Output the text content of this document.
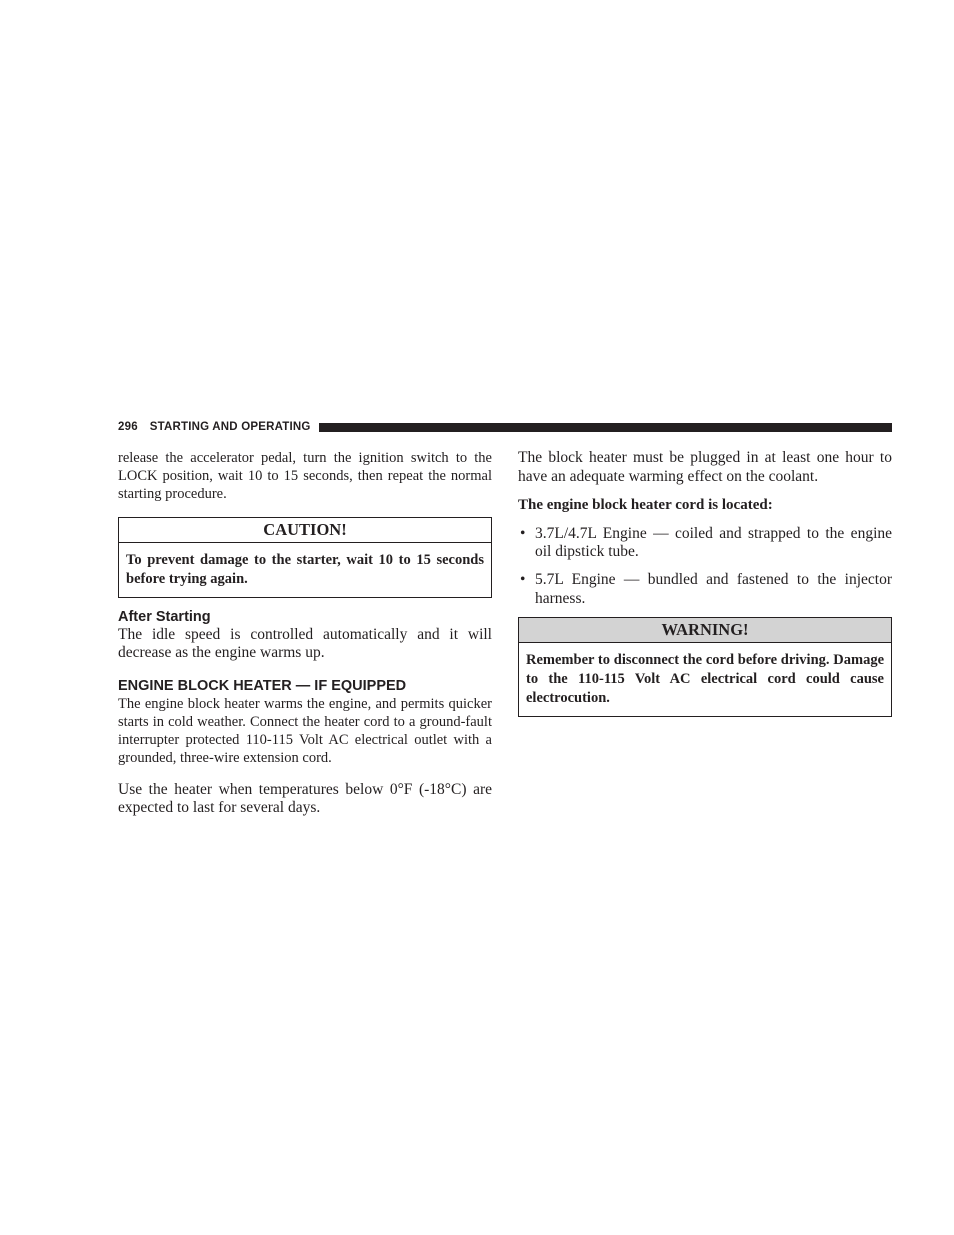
296 STARTING AND OPERATING

release the accelerator pedal, turn the ignition switch to the LOCK position, wait 10 to 15 seconds, then repeat the normal starting procedure.

CAUTION!
To prevent damage to the starter, wait 10 to 15 seconds before trying again.
After Starting

The idle speed is controlled automatically and it will decrease as the engine warms up.

ENGINE BLOCK HEATER — IF EQUIPPED

The engine block heater warms the engine, and permits quicker starts in cold weather. Connect the heater cord to a ground-fault interrupter protected 110-115 Volt AC electrical outlet with a grounded, three-wire extension cord.

Use the heater when temperatures below 0°F (-18°C) are expected to last for several days.

The block heater must be plugged in at least one hour to have an adequate warming effect on the coolant.

The engine block heater cord is located:
• 3.7L/4.7L Engine — coiled and strapped to the engine oil dipstick tube.
• 5.7L Engine — bundled and fastened to the injector harness.
WARNING!
Remember to disconnect the cord before driving. Damage to the 110-115 Volt AC electrical cord could cause electrocution.
